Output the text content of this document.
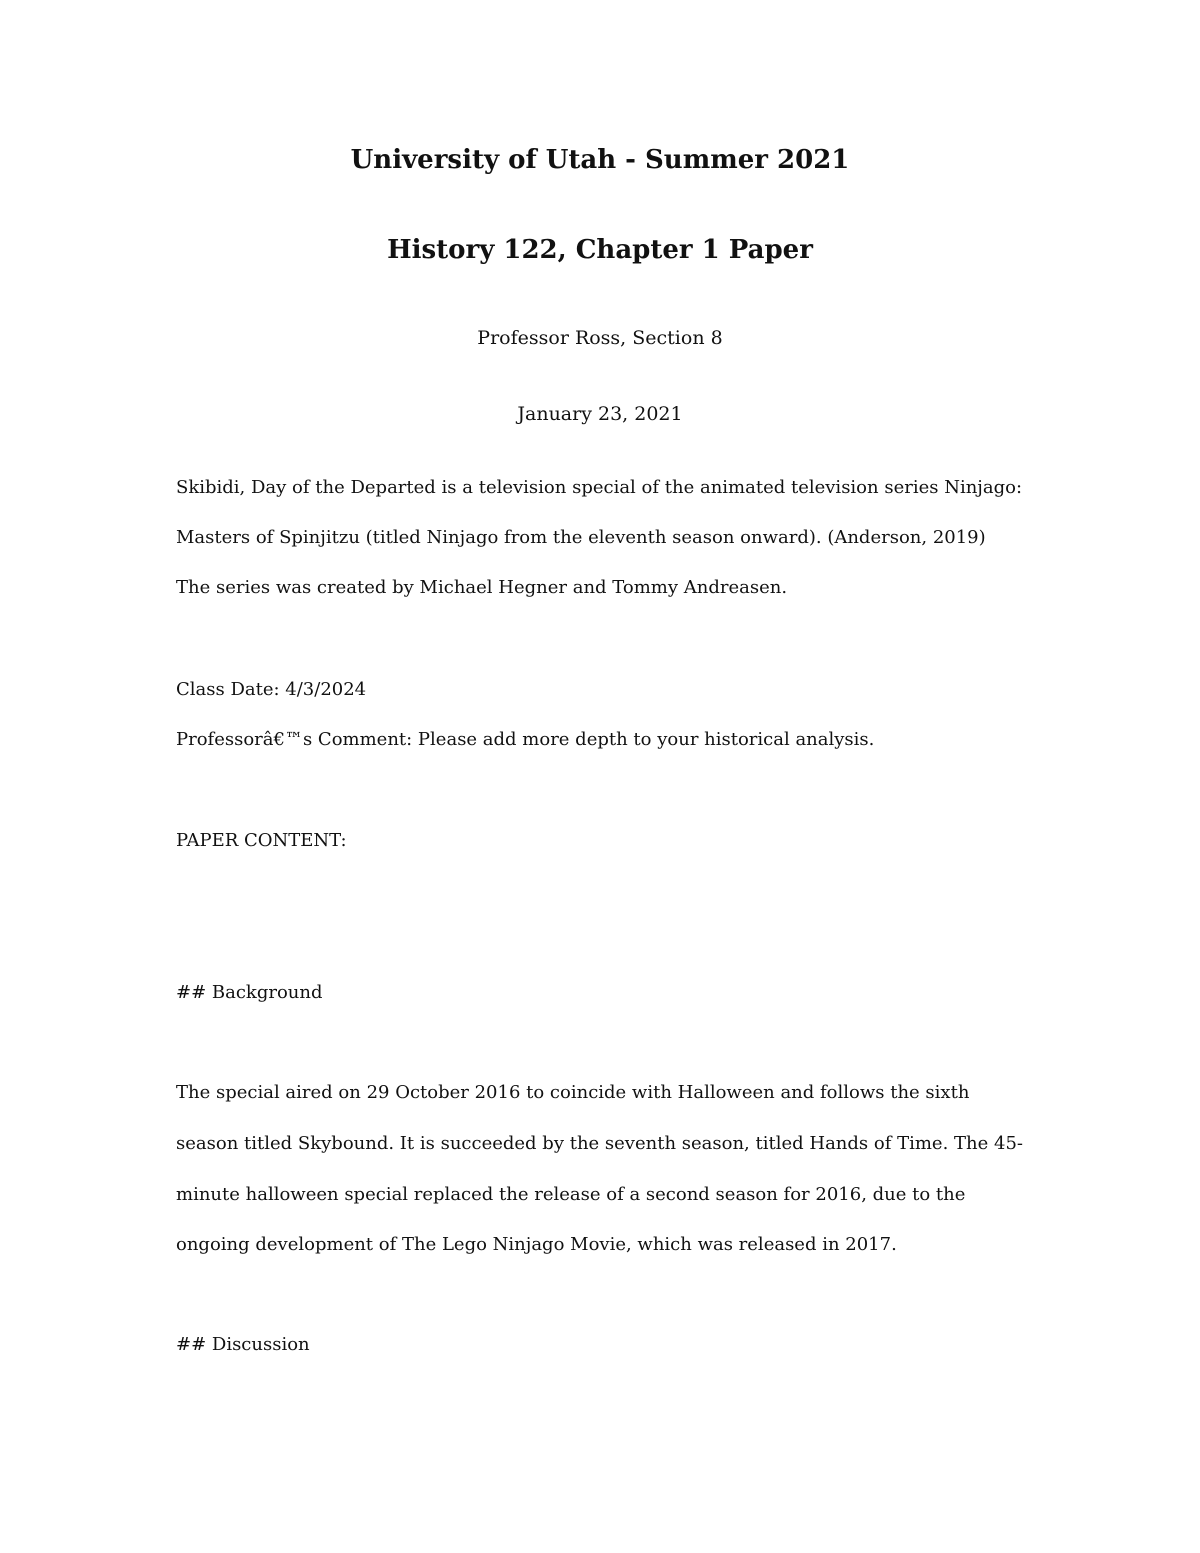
University of Utah - Summer 2021
History 122, Chapter 1 Paper

Professor Ross, Section 8

January 23, 2021

Skibidi, Day of the Departed is a television special of the animated television series Ninjago:

Masters of Spinjitzu (titled Ninjago from the eleventh season onward). (Anderson, 2019)

The series was created by Michael Hegner and Tommy Andreasen.

Class Date: 4/3/2024

Professorâ€™s Comment: Please add more depth to your historical analysis.

PAPER CONTENT:

## Background

The special aired on 29 October 2016 to coincide with Halloween and follows the sixth

season titled Skybound. It is succeeded by the seventh season, titled Hands of Time. The 45-

minute halloween special replaced the release of a second season for 2016, due to the

ongoing development of The Lego Ninjago Movie, which was released in 2017.

## Discussion
